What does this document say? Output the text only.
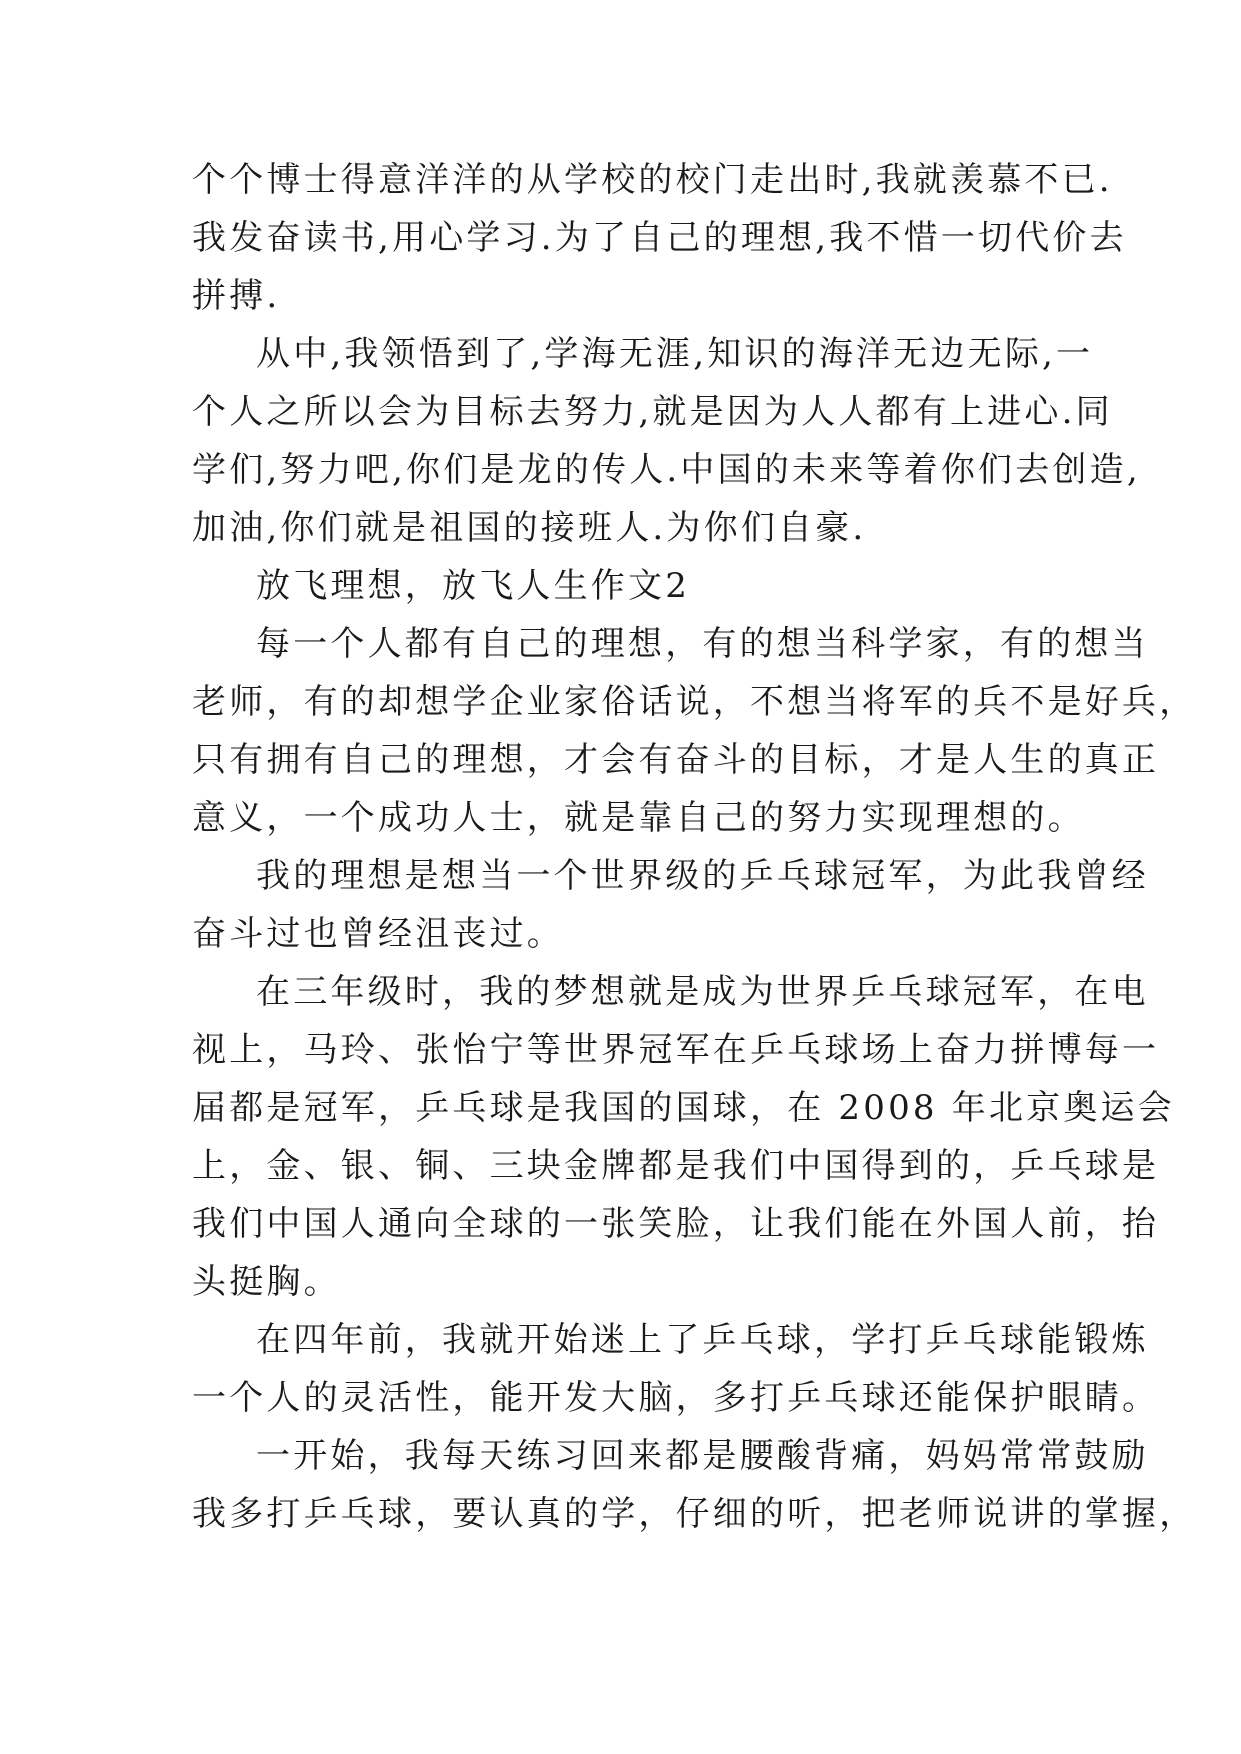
个个博士得意洋洋的从学校的校门走出时,我就羡慕不已.
我发奋读书,用心学习.为了自己的理想,我不惜一切代价去
拼搏.
从中,我领悟到了,学海无涯,知识的海洋无边无际,一
个人之所以会为目标去努力,就是因为人人都有上进心.同
学们,努力吧,你们是龙的传人.中国的未来等着你们去创造,
加油,你们就是祖国的接班人.为你们自豪.
放飞理想，放飞人生作文2
每一个人都有自己的理想，有的想当科学家，有的想当
老师，有的却想学企业家俗话说，不想当将军的兵不是好兵，
只有拥有自己的理想，才会有奋斗的目标，才是人生的真正
意义，一个成功人士，就是靠自己的努力实现理想的。
我的理想是想当一个世界级的乒乓球冠军，为此我曾经
奋斗过也曾经沮丧过。
在三年级时，我的梦想就是成为世界乒乓球冠军，在电
视上，马玲、张怡宁等世界冠军在乒乓球场上奋力拼博每一
届都是冠军，乒乓球是我国的国球，在 2008 年北京奥运会
上，金、银、铜、三块金牌都是我们中国得到的，乒乓球是
我们中国人通向全球的一张笑脸，让我们能在外国人前，抬
头挺胸。
在四年前，我就开始迷上了乒乓球，学打乒乓球能锻炼
一个人的灵活性，能开发大脑，多打乒乓球还能保护眼睛。
一开始，我每天练习回来都是腰酸背痛，妈妈常常鼓励
我多打乒乓球，要认真的学，仔细的听，把老师说讲的掌握，
